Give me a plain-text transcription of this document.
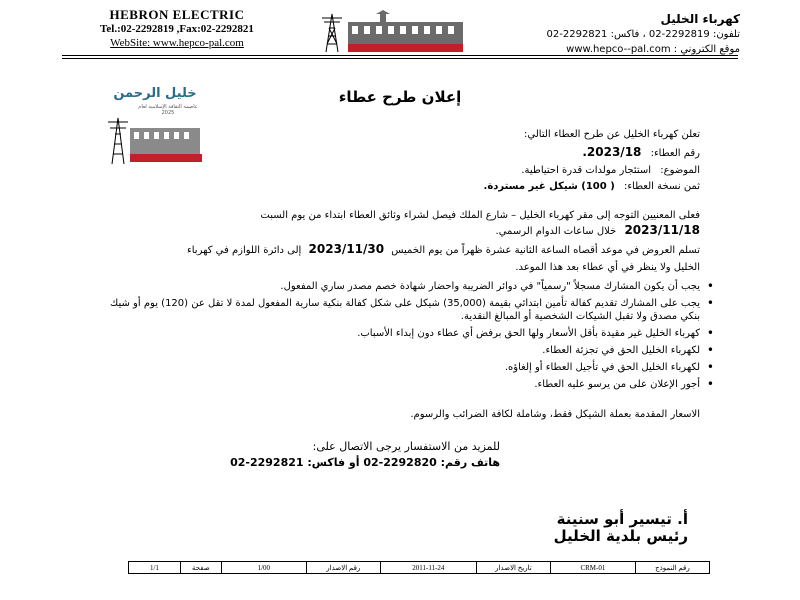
HEBRON ELECTRIC
Tel.:02-2292819 ,Fax:02-2292821
WebSite: www.hepco-pal.com
كهرباء الخليل
تلفون: 2292819-02 ، فاكس: 2292821-02
موقع الكتروني : www.hepco--pal.com
خليل الرحمن
عاصمة الثقافة الإسلامية لعام 2025
إعلان طرح عطاء
تعلن كهرباء الخليل عن طرح العطاء التالي:
رقم العطاء: 2023/18.
الموضوع: استئجار مولدات قدرة احتياطية.
ثمن نسخة العطاء: ( 100) شيكل غير مستردة.
فعلى المعنيين التوجه إلى مقر كهرباء الخليل – شارع الملك فيصل لشراء وثائق العطاء ابتداء من يوم السبت
2023/11/18 خلال ساعات الدوام الرسمي.
تسلم العروض في موعد أقصاه الساعة الثانية عشرة ظهراً من يوم الخميس 2023/11/30 إلى دائرة اللوازم في كهرباء
الخليل ولا ينظر في أي عطاء بعد هذا الموعد.
• يجب أن يكون المشارك مسجلاً "رسمياً" في دوائر الضريبة واحضار شهادة خصم مصدر ساري المفعول.
• يجب على المشارك تقديم كفالة تأمين ابتدائي بقيمة (35,000) شيكل على شكل كفالة بنكية سارية المفعول لمدة لا تقل عن (120) يوم أو شيك بنكي مصدق ولا تقبل الشيكات الشخصية أو المبالغ النقدية.
• كهرباء الخليل غير مقيدة بأقل الأسعار ولها الحق برفض أي عطاء دون إبداء الأسباب.
• لكهرباء الخليل الحق في تجزئة العطاء.
• لكهرباء الخليل الحق في تأجيل العطاء أو إلغاؤه.
• أجور الإعلان على من يرسو عليه العطاء.
الاسعار المقدمة بعملة الشيكل فقط، وشاملة لكافة الضرائب والرسوم.
للمزيد من الاستفسار يرجى الاتصال على:
هاتف رقم: 2292820-02 أو فاكس: 2292821-02
أ. تيسير أبو سنينة
رئيس بلدية الخليل
1/1	صفحة	1/00	رقم الاصدار	2011-11-24	تاريخ الاصدار	CRM-01	رقم النموذج
